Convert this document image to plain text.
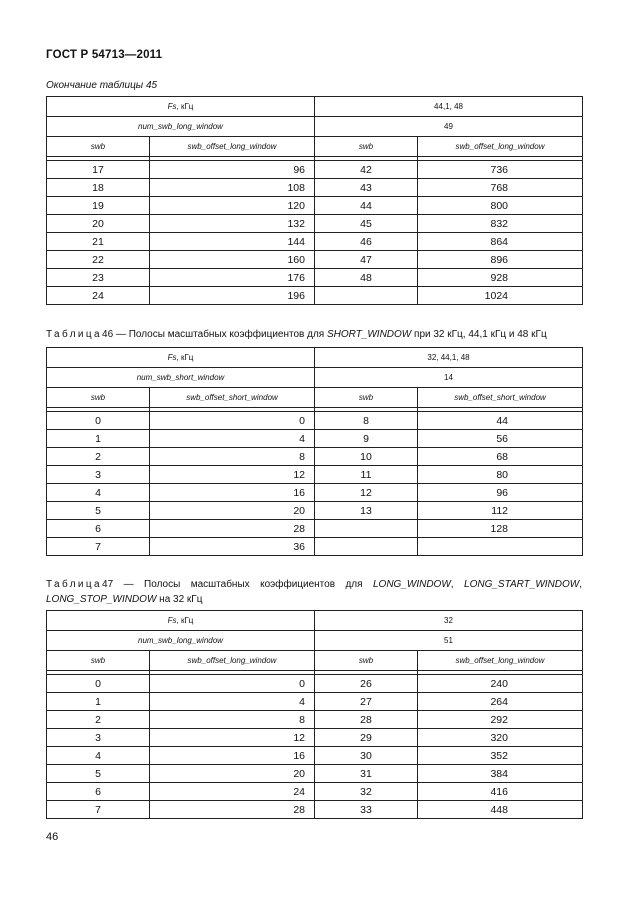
ГОСТ Р 54713—2011
Окончание таблицы 45
Fs, кГц		44,1, 48	
num_swb_long_window		49	
swb	swb_offset_long_window	swb	swb_offset_long_window

17	96	42	736
18	108	43	768
19	120	44	800
20	132	45	832
21	144	46	864
22	160	47	896
23	176	48	928
24	196		1024
Таблица46 — Полосы масштабных коэффициентов для SHORT_WINDOW при 32 кГц, 44,1 кГц и 48 кГц
Fs, кГц		32, 44,1, 48	
num_swb_short_window		14	
swb	swb_offset_short_window	swb	swb_offset_short_window

0	0	8	44
1	4	9	56
2	8	10	68
3	12	11	80
4	16	12	96
5	20	13	112
6	28		128
7	36		
Таблица47 — Полосы масштабных коэффициентов для LONG_WINDOW, LONG_START_WINDOW,
LONG_STOP_WINDOW на 32 кГц
Fs, кГц		32	
num_swb_long_window		51	
swb	swb_offset_long_window	swb	swb_offset_long_window

0	0	26	240
1	4	27	264
2	8	28	292
3	12	29	320
4	16	30	352
5	20	31	384
6	24	32	416
7	28	33	448
46
